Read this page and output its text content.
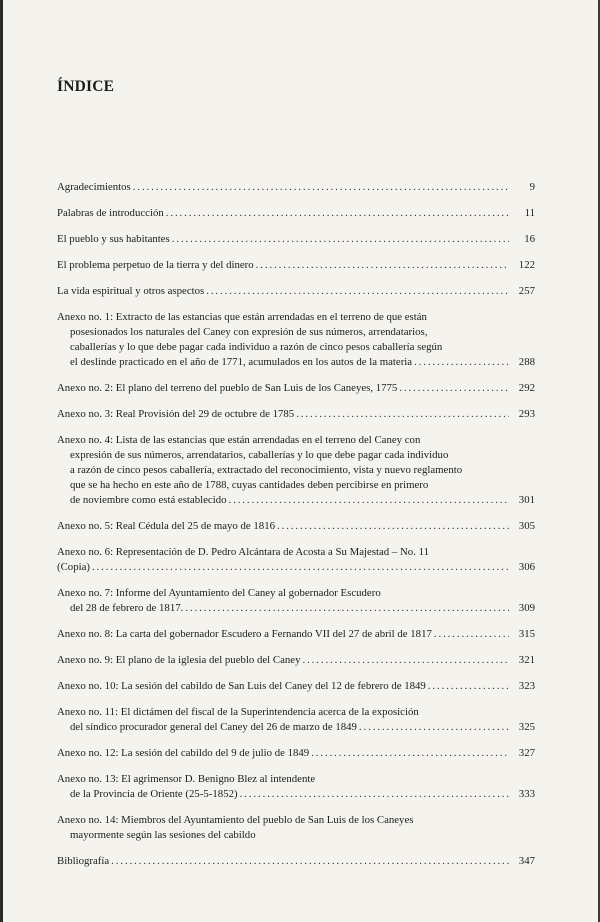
ÍNDICE
Agradecimientos . . .	9
Palabras de introducción . . .	11
El pueblo y sus habitantes . . .	16
El problema perpetuo de la tierra y del dinero . . .	122
La vida espiritual y otros aspectos . . .	257
Anexo no. 1: Extracto de las estancias que están arrendadas en el terreno de que están
posesionados los naturales del Caney con expresión de sus números, arrendatarios,
caballerías y lo que debe pagar cada individuo a razón de cinco pesos caballería según
el deslinde practicado en el año de 1771, acumulados en los autos de la materia . . .	288
Anexo no. 2: El plano del terreno del pueblo de San Luis de los Caneyes, 1775 . . .	292
Anexo no. 3: Real Provisión del 29 de octubre de 1785 . . .	293
Anexo no. 4: Lista de las estancias que están arrendadas en el terreno del Caney con
expresión de sus números, arrendatarios, caballerías y lo que debe pagar cada individuo
a razón de cinco pesos caballería, extractado del reconocimiento, vista y nuevo reglamento
que se ha hecho en este año de 1788, cuyas cantidades deben percibirse en primero
de noviembre como está establecido . . .	301
Anexo no. 5: Real Cédula del 25 de mayo de 1816 . . .	305
Anexo no. 6: Representación de D. Pedro Alcántara de Acosta a Su Majestad – No. 11
(Copia) . . .	306
Anexo no. 7: Informe del Ayuntamiento del Caney al gobernador Escudero
del 28 de febrero de 1817. . . .	309
Anexo no. 8: La carta del gobernador Escudero a Fernando VII del 27 de abril de 1817 . . .	315
Anexo no. 9: El plano de la iglesia del pueblo del Caney . . .	321
Anexo no. 10: La sesión del cabildo de San Luis del Caney del 12 de febrero de 1849 . . .	323
Anexo no. 11: El dictámen del fiscal de la Superintendencia acerca de la exposición
del síndico procurador general del Caney del 26 de marzo de 1849 . . .	325
Anexo no. 12: La sesión del cabildo del 9 de julio de 1849 . . .	327
Anexo no. 13: El agrimensor D. Benigno Blez al intendente
de la Provincia de Oriente (25-5-1852) . . .	333
Anexo no. 14: Miembros del Ayuntamiento del pueblo de San Luis de los Caneyes
mayormente según las sesiones del cabildo
Bibliografía . . .	347
